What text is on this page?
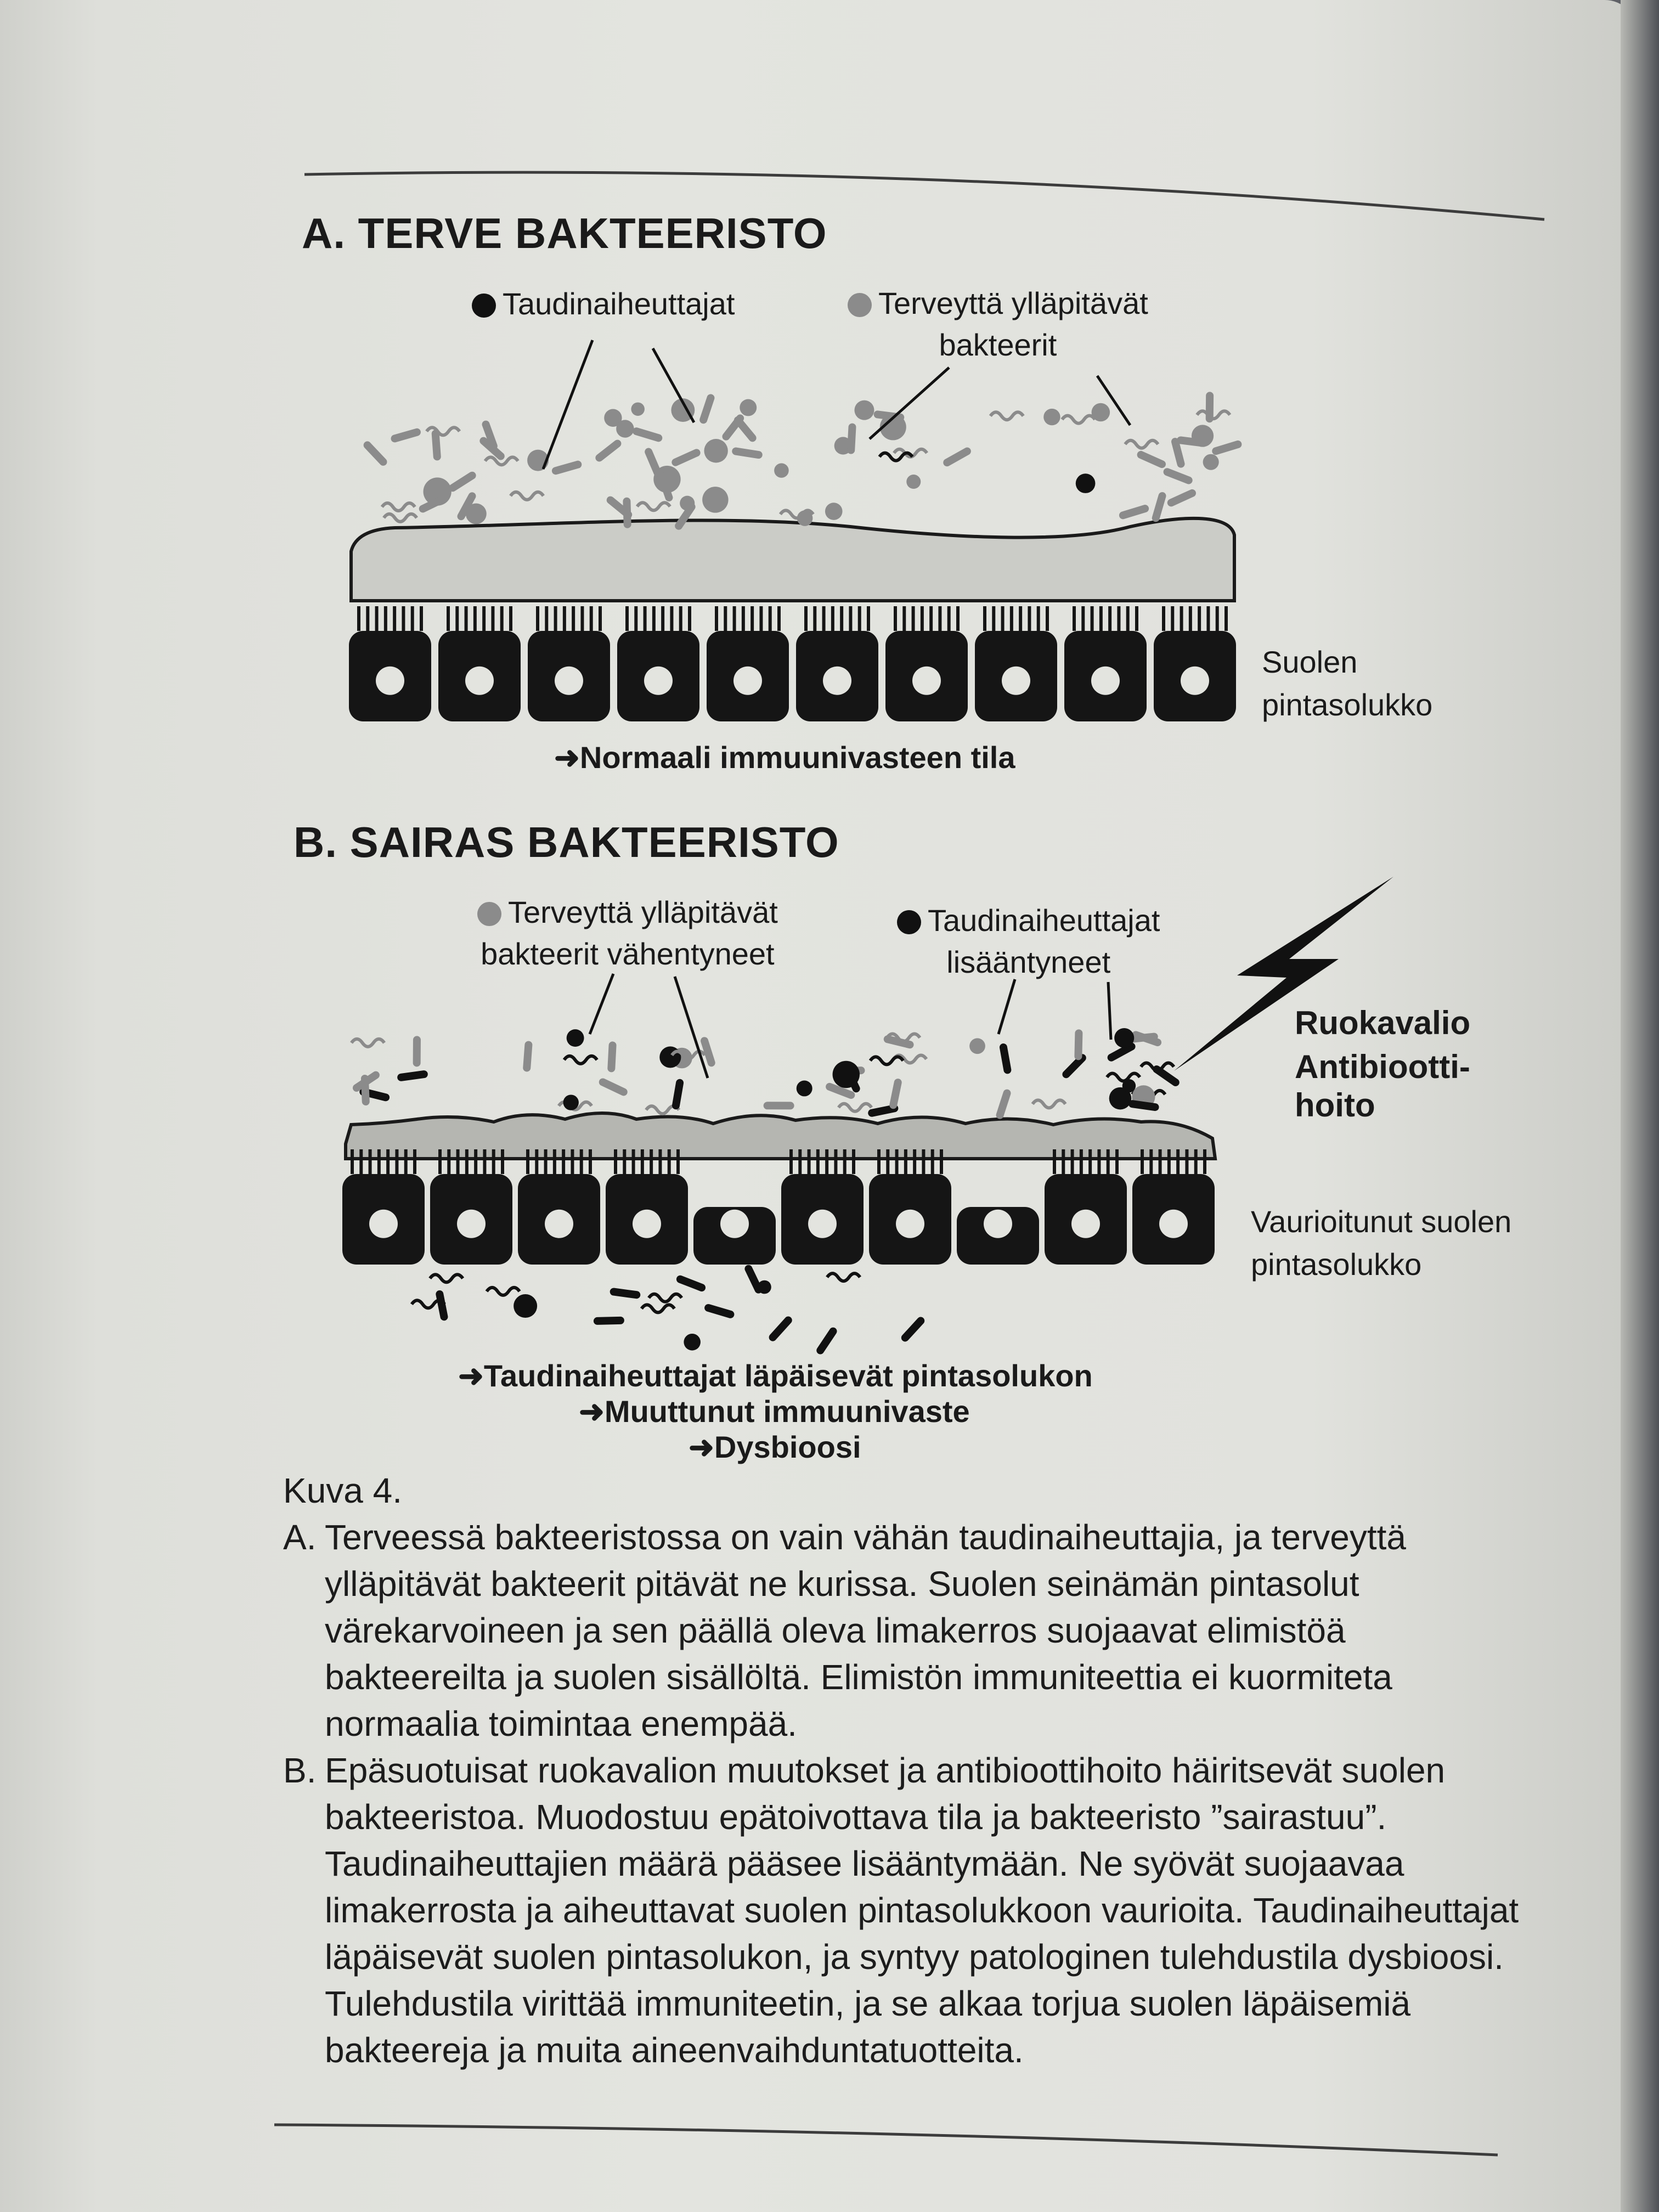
A. TERVE BAKTEERISTO
Taudinaiheuttajat	Terveyttä ylläpitävät
bakteerit
Suolen
pintasolukko
➜Normaali immuunivasteen tila
B. SAIRAS BAKTEERISTO
Terveyttä ylläpitävät
bakteerit vähentyneet
Taudinaiheuttajat
lisääntyneet
Ruokavalio
Antibiootti-
hoito
Vaurioitunut suolen
pintasolukko
➜Taudinaiheuttajat läpäisevät pintasolukon
➜Muuttunut immuunivaste
➜Dysbioosi

Kuva 4.

A. Terveessä bakteeristossa on vain vähän taudinaiheuttajia, ja terveyttä ylläpitävät bakteerit pitävät ne kurissa. Suolen seinämän pintasolut värekarvoineen ja sen päällä oleva limakerros suojaavat elimistöä bakteereilta ja suolen sisällöltä. Elimistön immuniteettia ei kuormiteta normaalia toimintaa enempää.

B. Epäsuotuisat ruokavalion muutokset ja antibioottihoito häiritsevät suolen bakteeristoa. Muodostuu epätoivottava tila ja bakteeristo ”sairastuu”. Taudinaiheuttajien määrä pääsee lisääntymään. Ne syövät suojaavaa limakerrosta ja aiheuttavat suolen pintasolukkoon vaurioita. Taudinaiheuttajat läpäisevät suolen pintasolukon, ja syntyy patologinen tulehdustila dysbioosi. Tulehdustila virittää immuniteetin, ja se alkaa torjua suolen läpäisemiä bakteereja ja muita aineenvaihduntatuotteita.
